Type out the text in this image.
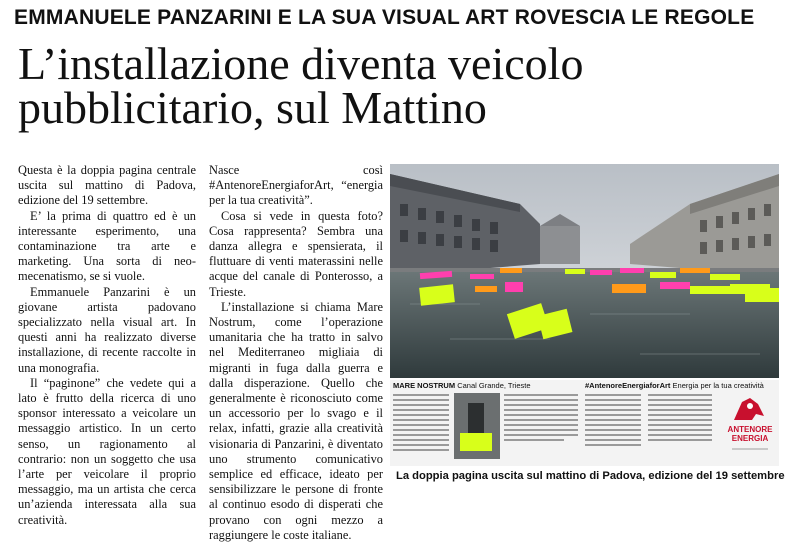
EMMANUELE PANZARINI E LA SUA VISUAL ART ROVESCIA LE REGOLE
L’installazione diventa veicolo
pubblicitario, sul Mattino

Questa è la doppia pagina centrale uscita sul mattino di Padova, edizione del 19 settembre.

E’ la prima di quattro ed è un interessante esperimento, una contaminazione tra arte e marketing. Una sorta di neo-mecenatismo, se si vuole.

Emmanuele Panzarini è un giovane artista padovano specializzato nella visual art. In questi anni ha realizzato diverse installazione, di recente raccolte in una monografia.

Il “paginone” che vedete qui a lato è frutto della ricerca di uno sponsor interessato a veicolare un messaggio artistico. In un certo senso, un ragionamento al contrario: non un soggetto che usa l’arte per veicolare il proprio messaggio, ma un artista che cerca un’azienda interessata alla sua creatività.

Nasce così #AntenoreEnergiaforArt, “energia per la tua creatività”.

Cosa si vede in questa foto? Cosa rappresenta? Sembra una danza allegra e spensierata, il fluttuare di venti materassini nelle acque del canale di Ponterosso, a Trieste.

L’installazione si chiama Mare Nostrum, come l’operazione umanitaria che ha tratto in salvo nel Mediterraneo migliaia di migranti in fuga dalla guerra e dalla disperazione. Quello che generalmente è riconosciuto come un accessorio per lo svago e il relax, infatti, grazie alla creatività visionaria di Panzarini, è diventato uno strumento comunicativo semplice ed efficace, ideato per sensibilizzare le persone di fronte al continuo esodo di disperati che provano con ogni mezzo a raggiungere le coste italiane.

MARE NOSTRUM Canal Grande, Trieste	#AntenoreEnergiaforArt Energia per la tua creatività
ANTENORE
ENERGIA
La doppia pagina uscita sul mattino di Padova, edizione del 19 settembre
